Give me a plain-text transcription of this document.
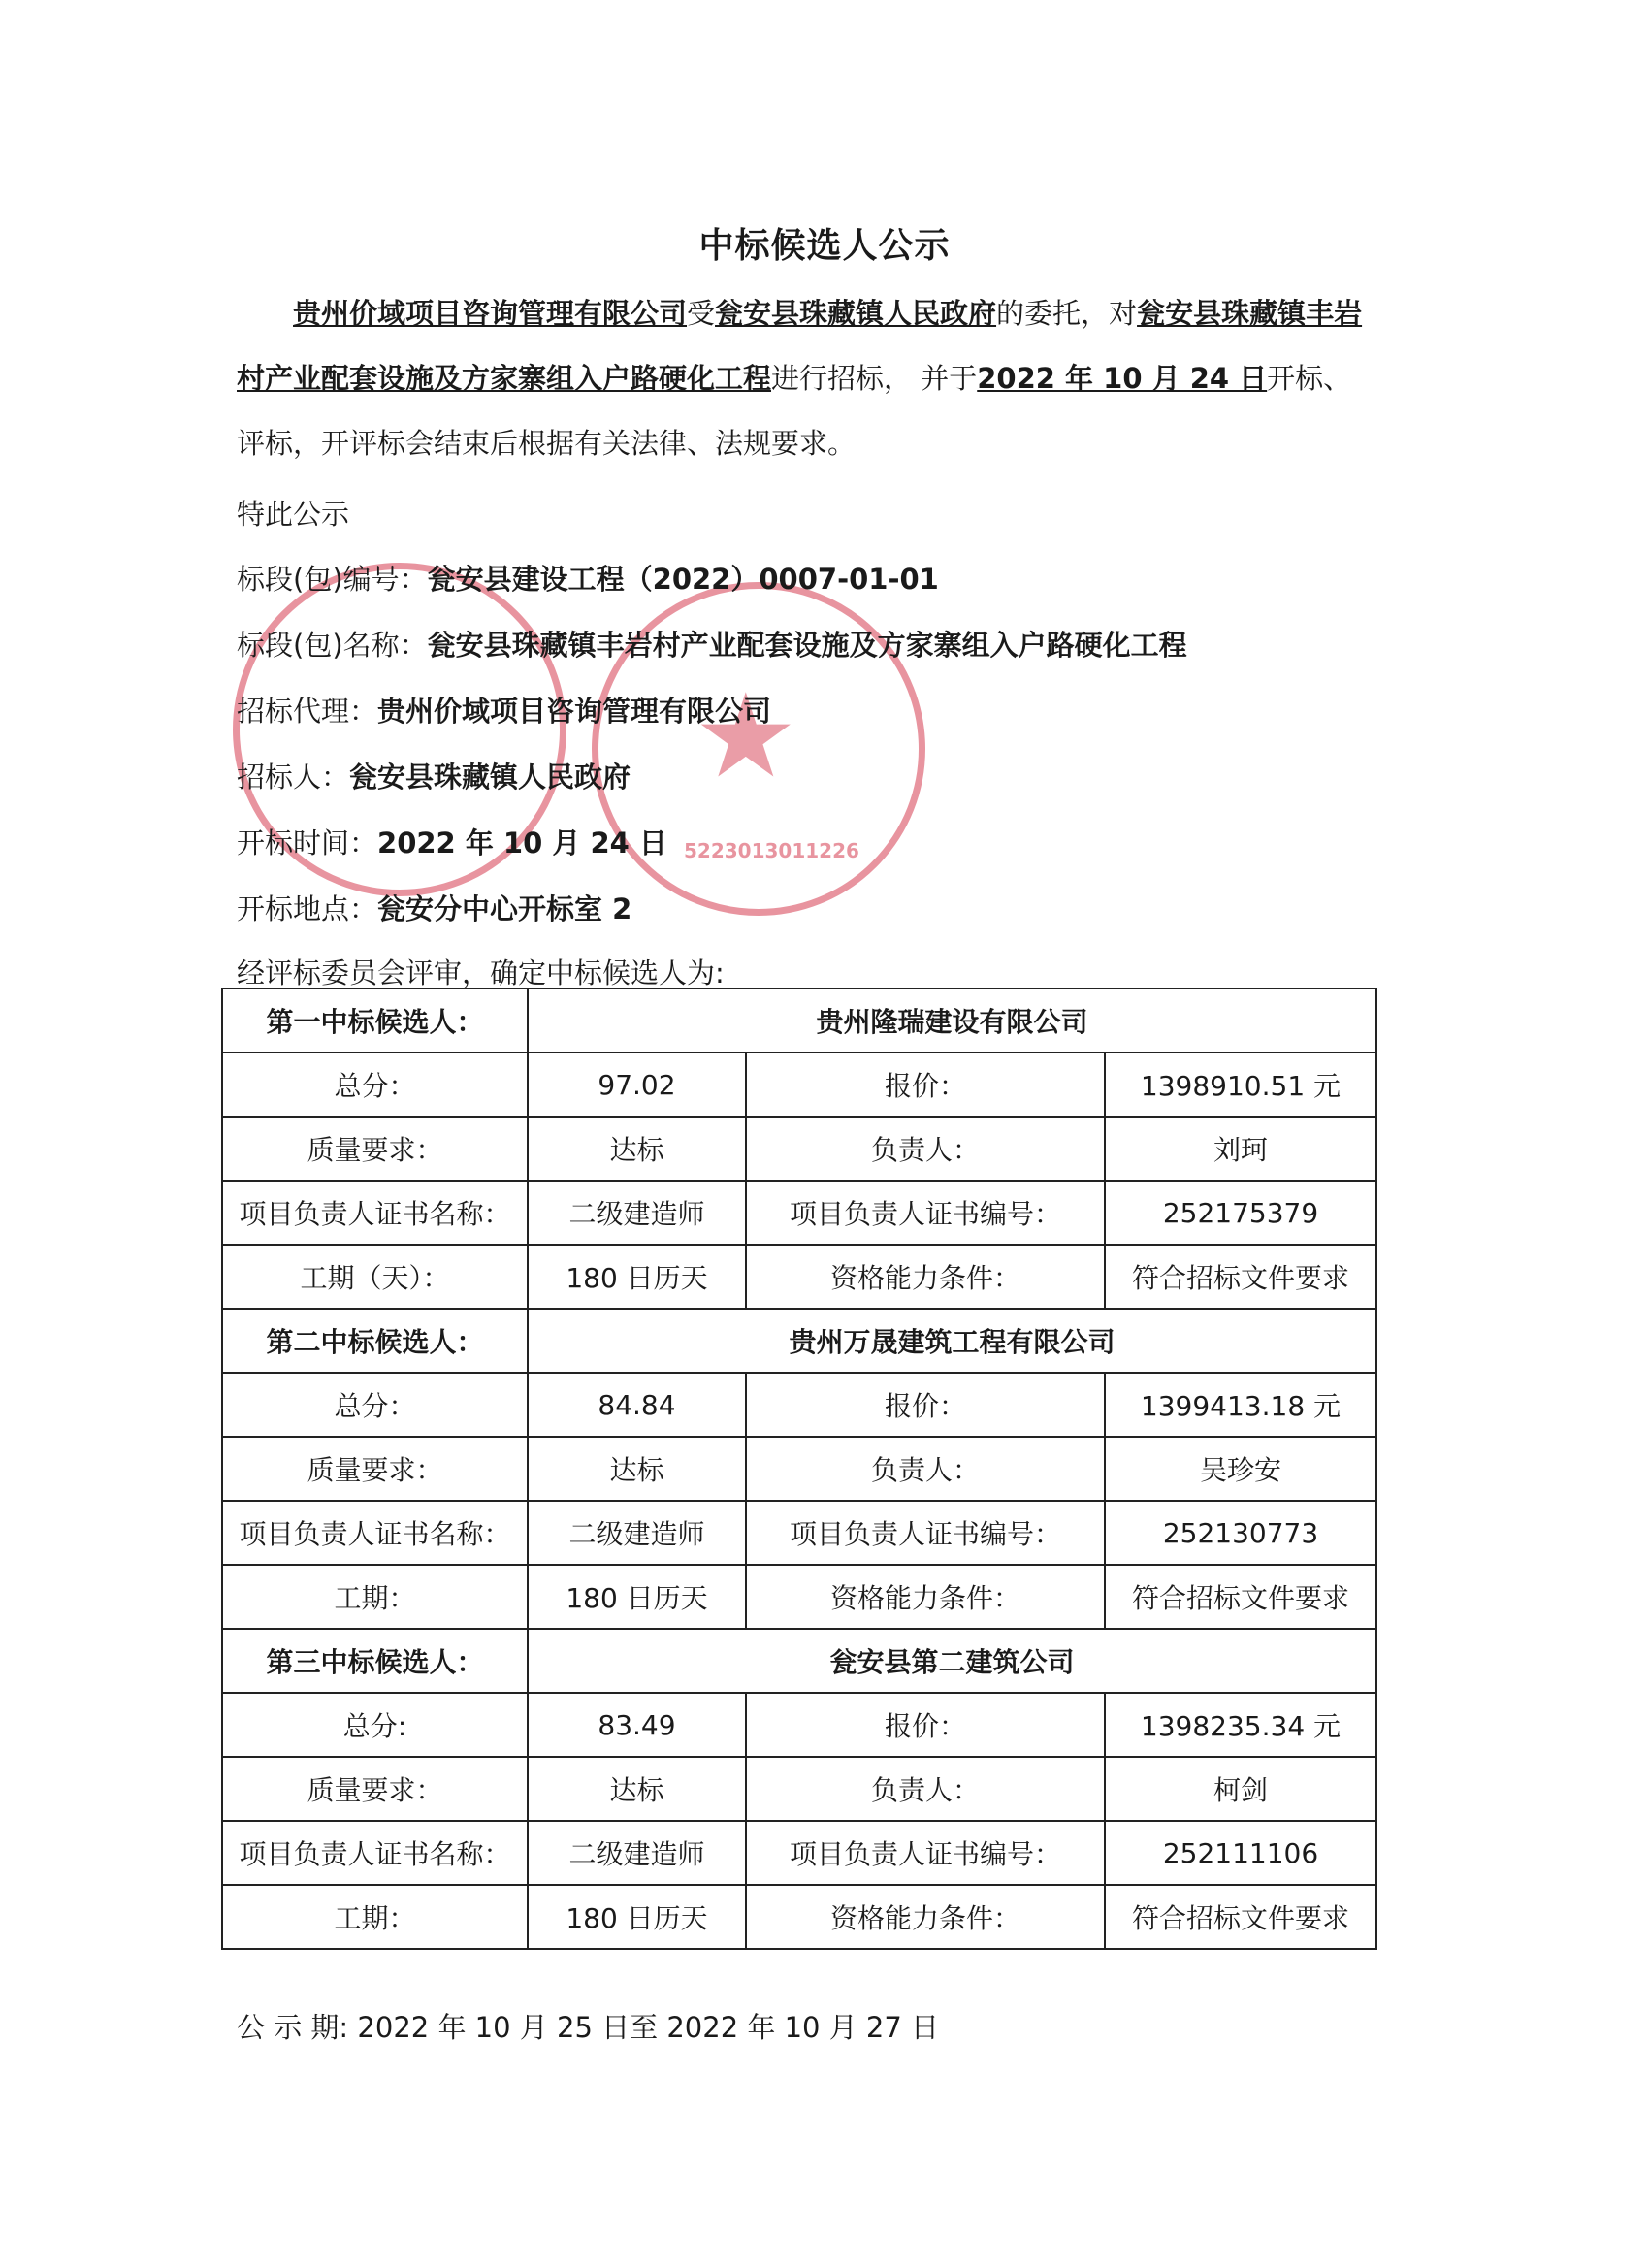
★
5223013011226
中标候选人公示
贵州价域项目咨询管理有限公司受瓮安县珠藏镇人民政府的委托，对瓮安县珠藏镇丰岩村产业配套设施及方家寨组入户路硬化工程进行招标， 并于2022 年 10 月 24 日开标、评标，开评标会结束后根据有关法律、法规要求。
特此公示
标段(包)编号：瓮安县建设工程（2022）0007-01-01
标段(包)名称：瓮安县珠藏镇丰岩村产业配套设施及方家寨组入户路硬化工程
招标代理：贵州价域项目咨询管理有限公司
招标人：瓮安县珠藏镇人民政府
开标时间：2022 年 10 月 24 日
开标地点：瓮安分中心开标室 2
经评标委员会评审，确定中标候选人为:
第一中标候选人：	贵州隆瑞建设有限公司		
总分：	97.02	报价：	1398910.51 元
质量要求：	达标	负责人：	刘珂
项目负责人证书名称：	二级建造师	项目负责人证书编号：	252175379
工期（天）：	180 日历天	资格能力条件：	符合招标文件要求
第二中标候选人：	贵州万晟建筑工程有限公司		
总分：	84.84	报价：	1399413.18 元
质量要求：	达标	负责人：	吴珍安
项目负责人证书名称：	二级建造师	项目负责人证书编号：	252130773
工期：	180 日历天	资格能力条件：	符合招标文件要求
第三中标候选人：	瓮安县第二建筑公司		
总分:	83.49	报价：	1398235.34 元
质量要求：	达标	负责人：	柯剑
项目负责人证书名称：	二级建造师	项目负责人证书编号：	252111106
工期：	180 日历天	资格能力条件：	符合招标文件要求
公 示 期: 2022 年 10 月 25 日至 2022 年 10 月 27 日
